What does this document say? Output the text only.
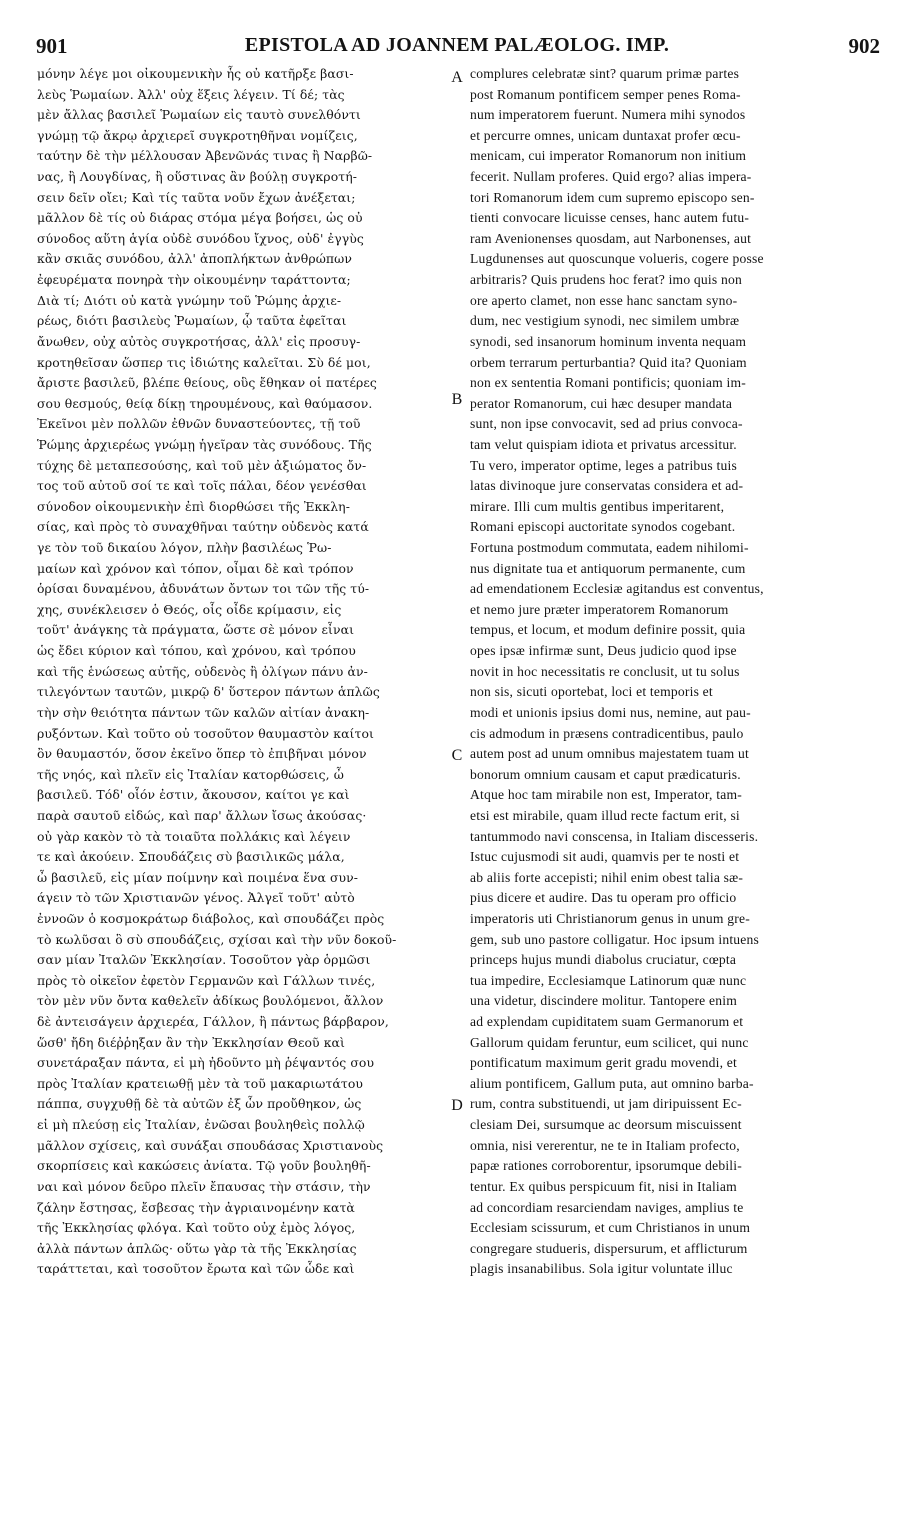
901	EPISTOLA AD JOANNEM PALÆOLOG. IMP.	902
μόνην λέγε μοι οἰκουμενικὴν ἧς οὐ κατῆρξε βασι-
λεὺς Ῥωμαίων. Ἀλλ' οὐχ ἕξεις λέγειν. Τί δέ; τὰς
μὲν ἄλλας βασιλεῖ Ῥωμαίων εἰς ταυτὸ συνελθόντι
γνώμῃ τῷ ἄκρῳ ἀρχιερεῖ συγκροτηθῆναι νομίζεις,
ταύτην δὲ τὴν μέλλουσαν Ἀβενῶνάς τινας ἢ Ναρβῶ-
νας, ἢ Λουγδίνας, ἢ οὕστινας ἂν βούλῃ συγκροτή-
σειν δεῖν οἴει; Καὶ τίς ταῦτα νοῦν ἔχων ἀνέξεται;
μᾶλλον δὲ τίς οὐ διάρας στόμα μέγα βοήσει, ὡς οὐ
σύνοδος αὕτη ἁγία οὐδὲ συνόδου ἴχνος, οὐδ' ἐγγὺς
κἂν σκιᾶς συνόδου, ἀλλ' ἀποπλήκτων ἀνθρώπων
ἐφευρέματα πονηρὰ τὴν οἰκουμένην ταράττοντα;
Διὰ τί; Διότι οὐ κατὰ γνώμην τοῦ Ῥώμης ἀρχιε-
ρέως, διότι βασιλεὺς Ῥωμαίων, ᾧ ταῦτα ἐφεῖται
ἄνωθεν, οὐχ αὐτὸς συγκροτήσας, ἀλλ' εἰς προσυγ-
κροτηθεῖσαν ὥσπερ τις ἰδιώτης καλεῖται. Σὺ δέ μοι,
ἄριστε βασιλεῦ, βλέπε θείους, οὓς ἔθηκαν οἱ πατέρες
σου θεσμούς, θείᾳ δίκῃ τηρουμένους, καὶ θαύμασον.
Ἐκεῖνοι μὲν πολλῶν ἐθνῶν δυναστεύοντες, τῇ τοῦ
Ῥώμης ἀρχιερέως γνώμῃ ἡγεῖραν τὰς συνόδους. Τῆς
τύχης δὲ μεταπεσούσης, καὶ τοῦ μὲν ἀξιώματος ὄν-
τος τοῦ αὐτοῦ σοί τε καὶ τοῖς πάλαι, δέον γενέσθαι
σύνοδον οἰκουμενικὴν ἐπὶ διορθώσει τῆς Ἐκκλη-
σίας, καὶ πρὸς τὸ συναχθῆναι ταύτην οὐδενὸς κατά
γε τὸν τοῦ δικαίου λόγον, πλὴν βασιλέως Ῥω-
μαίων καὶ χρόνον καὶ τόπον, οἶμαι δὲ καὶ τρόπον
ὁρίσαι δυναμένου, ἀδυνάτων ὄντων τοι τῶν τῆς τύ-
χης, συνέκλεισεν ὁ Θεός, οἷς οἶδε κρίμασιν, εἰς
τοῦτ' ἀνάγκης τὰ πράγματα, ὥστε σὲ μόνον εἶναι
ὡς ἔδει κύριον καὶ τόπου, καὶ χρόνου, καὶ τρόπου
καὶ τῆς ἑνώσεως αὐτῆς, οὐδενὸς ἢ ὀλίγων πάνυ ἀν-
τιλεγόντων ταυτῶν, μικρῷ δ' ὕστερον πάντων ἁπλῶς
τὴν σὴν θειότητα πάντων τῶν καλῶν αἰτίαν ἀνακη-
ρυξόντων. Καὶ τοῦτο οὐ τοσοῦτον θαυμαστὸν καίτοι
ὂν θαυμαστόν, ὅσον ἐκεῖνο ὅπερ τὸ ἐπιβῆναι μόνον
τῆς νηός, καὶ πλεῖν εἰς Ἰταλίαν κατορθώσεις, ὦ
βασιλεῦ. Τόδ' οἷόν ἐστιν, ἄκουσον, καίτοι γε καὶ
παρὰ σαυτοῦ εἰδώς, καὶ παρ' ἄλλων ἴσως ἀκούσας·
οὐ γὰρ κακὸν τὸ τὰ τοιαῦτα πολλάκις καὶ λέγειν
τε καὶ ἀκούειν. Σπουδάζεις σὺ βασιλικῶς μάλα,
ὦ βασιλεῦ, εἰς μίαν ποίμνην καὶ ποιμένα ἕνα συν-
άγειν τὸ τῶν Χριστιανῶν γένος. Ἀλγεῖ τοῦτ' αὐτὸ
ἐννοῶν ὁ κοσμοκράτωρ διάβολος, καὶ σπουδάζει πρὸς
τὸ κωλῦσαι ὃ σὺ σπουδάζεις, σχίσαι καὶ τὴν νῦν δοκοῦ-
σαν μίαν Ἰταλῶν Ἐκκλησίαν. Τοσοῦτον γὰρ ὁρμῶσι
πρὸς τὸ οἰκεῖον ἐφετὸν Γερμανῶν καὶ Γάλλων τινές,
τὸν μὲν νῦν ὄντα καθελεῖν ἀδίκως βουλόμενοι, ἄλλον
δὲ ἀντεισάγειν ἀρχιερέα, Γάλλον, ἢ πάντως βάρβαρον,
ὥσθ' ἤδη διέῤῥηξαν ἂν τὴν Ἐκκλησίαν Θεοῦ καὶ
συνετάραξαν πάντα, εἰ μὴ ἠδοῦντο μὴ ῥέψαντός σου
πρὸς Ἰταλίαν κρατειωθῇ μὲν τὰ τοῦ μακαριωτάτου
πάππα, συγχυθῇ δὲ τὰ αὐτῶν ἐξ ὧν προὔθηκον, ὡς
εἰ μὴ πλεύσῃ εἰς Ἰταλίαν, ἐνῶσαι βουληθεὶς πολλῷ
μᾶλλον σχίσεις, καὶ συνάξαι σπουδάσας Χριστιανοὺς
σκορπίσεις καὶ κακώσεις ἀνίατα. Τῷ γοῦν βουληθῆ-
ναι καὶ μόνον δεῦρο πλεῖν ἔπαυσας τὴν στάσιν, τὴν
ζάλην ἔστησας, ἔσβεσας τὴν ἀγριαινομένην κατὰ
τῆς Ἐκκλησίας φλόγα. Καὶ τοῦτο οὐχ ἐμὸς λόγος,
ἀλλὰ πάντων ἁπλῶς· οὕτω γὰρ τὰ τῆς Ἐκκλησίας
ταράττεται, καὶ τοσοῦτον ἔρωτα καὶ τῶν ὧδε καὶ
complures celebratæ sint? quarum primæ partes
post Romanum pontificem semper penes Roma-
num imperatorem fuerunt. Numera mihi synodos
et percurre omnes, unicam duntaxat profer œcu-
menicam, cui imperator Romanorum non initium
fecerit. Nullam proferes. Quid ergo? alias impera-
tori Romanorum idem cum supremo episcopo sen-
tienti convocare licuisse censes, hanc autem futu-
ram Avenionenses quosdam, aut Narbonenses, aut
Lugdunenses aut quoscunque volueris, cogere posse
arbitraris? Quis prudens hoc ferat? imo quis non
ore aperto clamet, non esse hanc sanctam syno-
dum, nec vestigium synodi, nec similem umbræ
synodi, sed insanorum hominum inventa nequam
orbem terrarum perturbantia? Quid ita? Quoniam
non ex sententia Romani pontificis; quoniam im-
perator Romanorum, cui hæc desuper mandata
sunt, non ipse convocavit, sed ad prius convoca-
tam velut quispiam idiota et privatus arcessitur.
Tu vero, imperator optime, leges a patribus tuis
latas divinoque jure conservatas considera et ad-
mirare. Illi cum multis gentibus imperitarent,
Romani episcopi auctoritate synodos cogebant.
Fortuna postmodum commutata, eadem nihilomi-
nus dignitate tua et antiquorum permanente, cum
ad emendationem Ecclesiæ agitandus est conventus,
et nemo jure præter imperatorem Romanorum
tempus, et locum, et modum definire possit, quia
opes ipsæ infirmæ sunt, Deus judicio quod ipse
novit in hoc necessitatis re conclusit, ut tu solus
non sis, sicuti oportebat, loci et temporis et
modi et unionis ipsius domi nus, nemine, aut pau-
cis admodum in præsens contradicentibus, paulo
autem post ad unum omnibus majestatem tuam ut
bonorum omnium causam et caput prædicaturis.
Atque hoc tam mirabile non est, Imperator, tam-
etsi est mirabile, quam illud recte factum erit, si
tantummodo navi conscensa, in Italiam discesseris.
Istuc cujusmodi sit audi, quamvis per te nosti et
ab aliis forte accepisti; nihil enim obest talia sæ-
pius dicere et audire. Das tu operam pro officio
imperatoris uti Christianorum genus in unum gre-
gem, sub uno pastore colligatur. Hoc ipsum intuens
princeps hujus mundi diabolus cruciatur, cœpta
tua impedire, Ecclesiamque Latinorum quæ nunc
una videtur, discindere molitur. Tantopere enim
ad explendam cupiditatem suam Germanorum et
Gallorum quidam feruntur, eum scilicet, qui nunc
pontificatum maximum gerit gradu movendi, et
alium pontificem, Gallum puta, aut omnino barba-
rum, contra substituendi, ut jam diripuissent Ec-
clesiam Dei, sursumque ac deorsum miscuissent
omnia, nisi vererentur, ne te in Italiam profecto,
papæ rationes corroborentur, ipsorumque debili-
tentur. Ex quibus perspicuum fit, nisi in Italiam
ad concordiam resarciendam naviges, amplius te
Ecclesiam scissurum, et cum Christianos in unum
congregare studueris, dispersurum, et afflicturum
plagis insanabilibus. Sola igitur voluntate illuc
A
B
C
D
